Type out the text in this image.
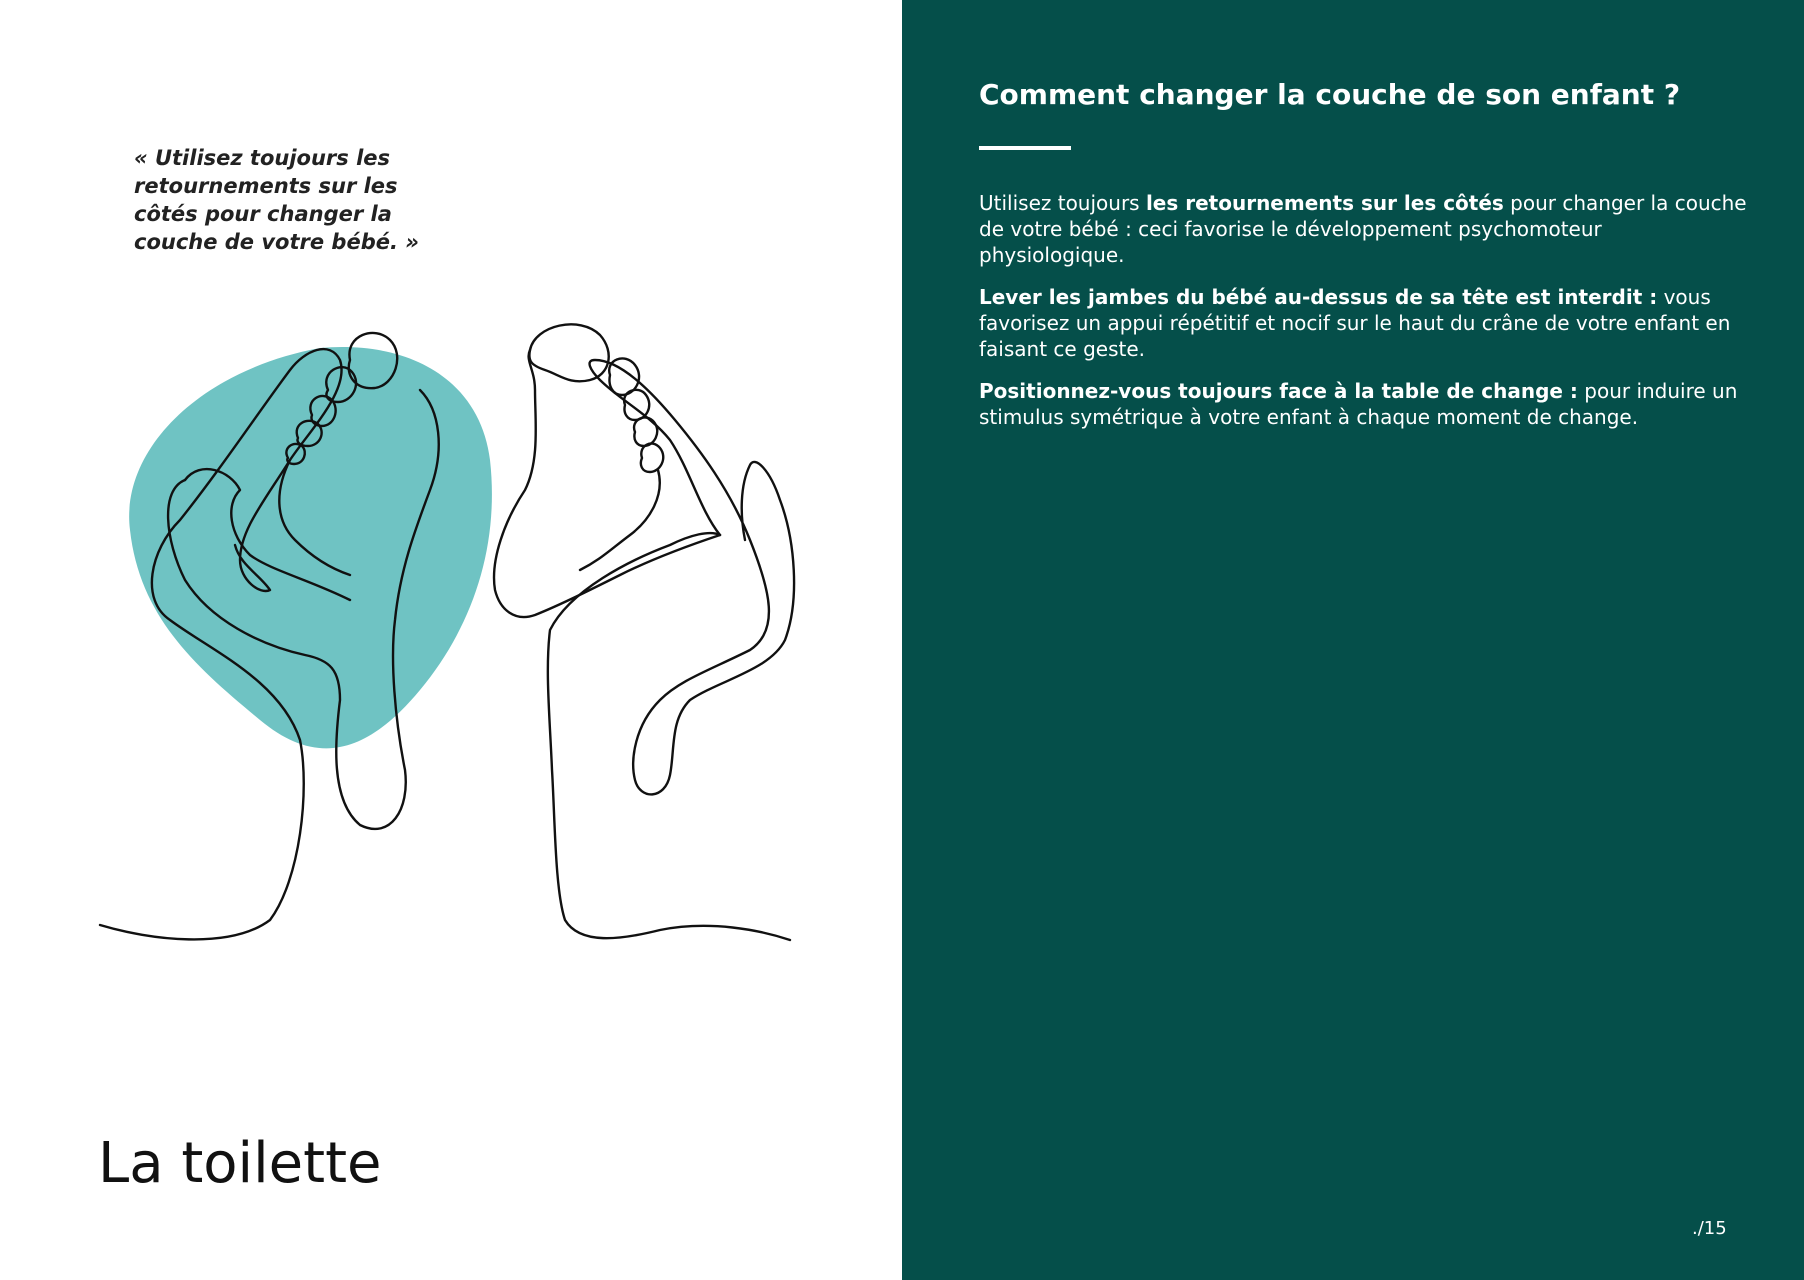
« Utilisez toujours les retournements sur les côtés pour changer la couche de votre bébé. »

La toilette
Comment changer la couche de son enfant ?

Utilisez toujours les retournements sur les côtés pour changer la couche de votre bébé : ceci favorise le développement psychomoteur physiologique.

Lever les jambes du bébé au-dessus de sa tête est interdit : vous favorisez un appui répétitif et nocif sur le haut du crâne de votre enfant en faisant ce geste.

Positionnez-vous toujours face à la table de change : pour induire un stimulus symétrique à votre enfant à chaque moment de change.

./15
